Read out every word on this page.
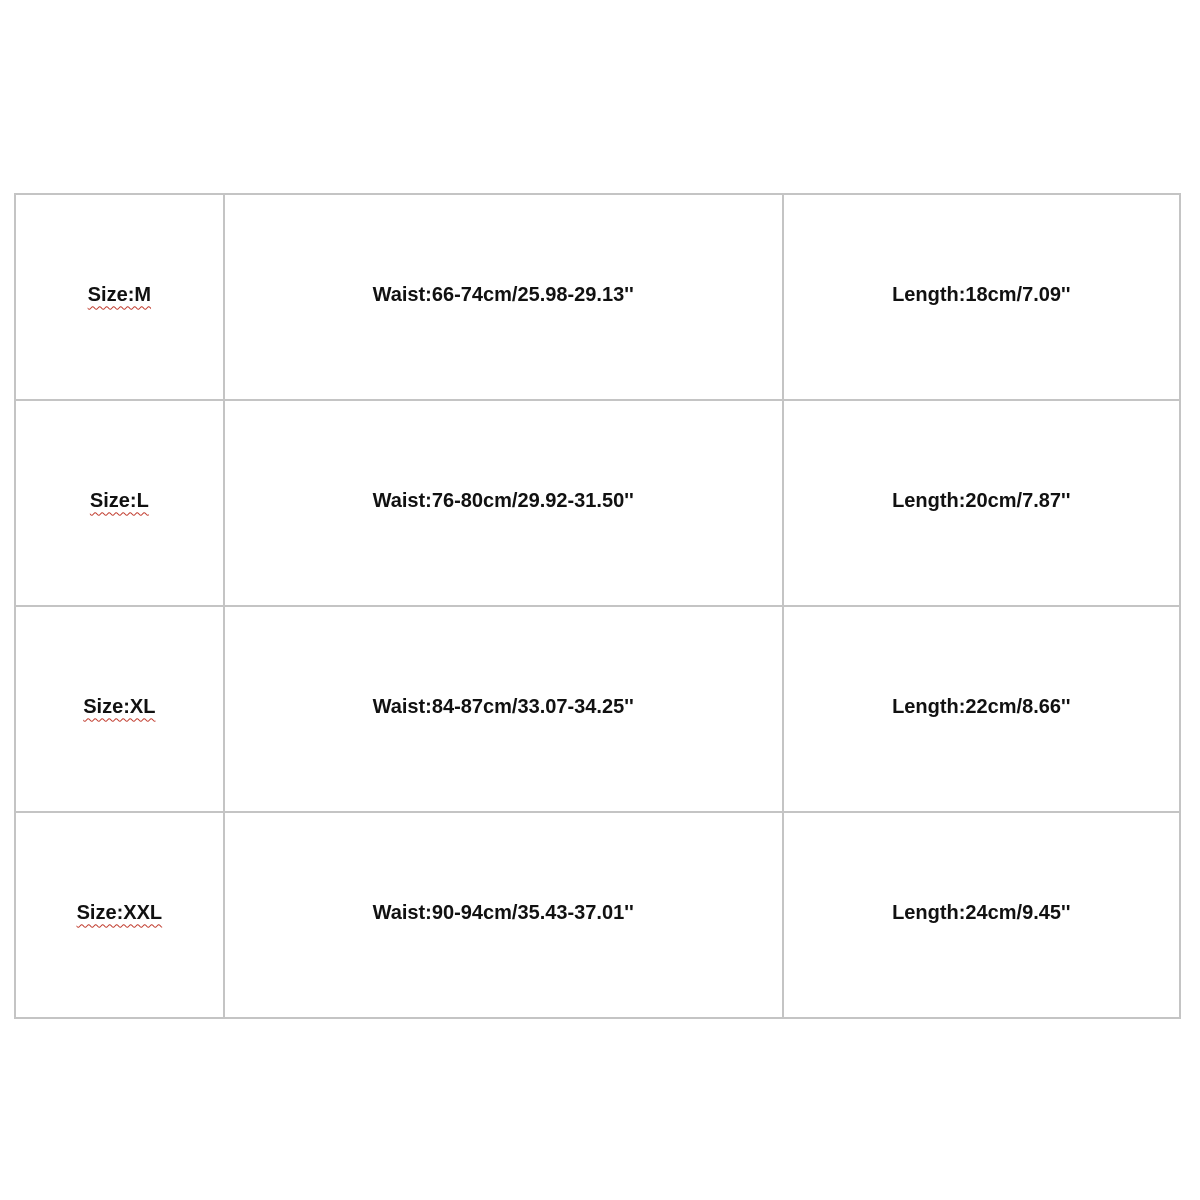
Size:M	Waist:66-74cm/25.98-29.13''	Length:18cm/7.09''
Size:L	Waist:76-80cm/29.92-31.50''	Length:20cm/7.87''
Size:XL	Waist:84-87cm/33.07-34.25''	Length:22cm/8.66''
Size:XXL	Waist:90-94cm/35.43-37.01''	Length:24cm/9.45''
